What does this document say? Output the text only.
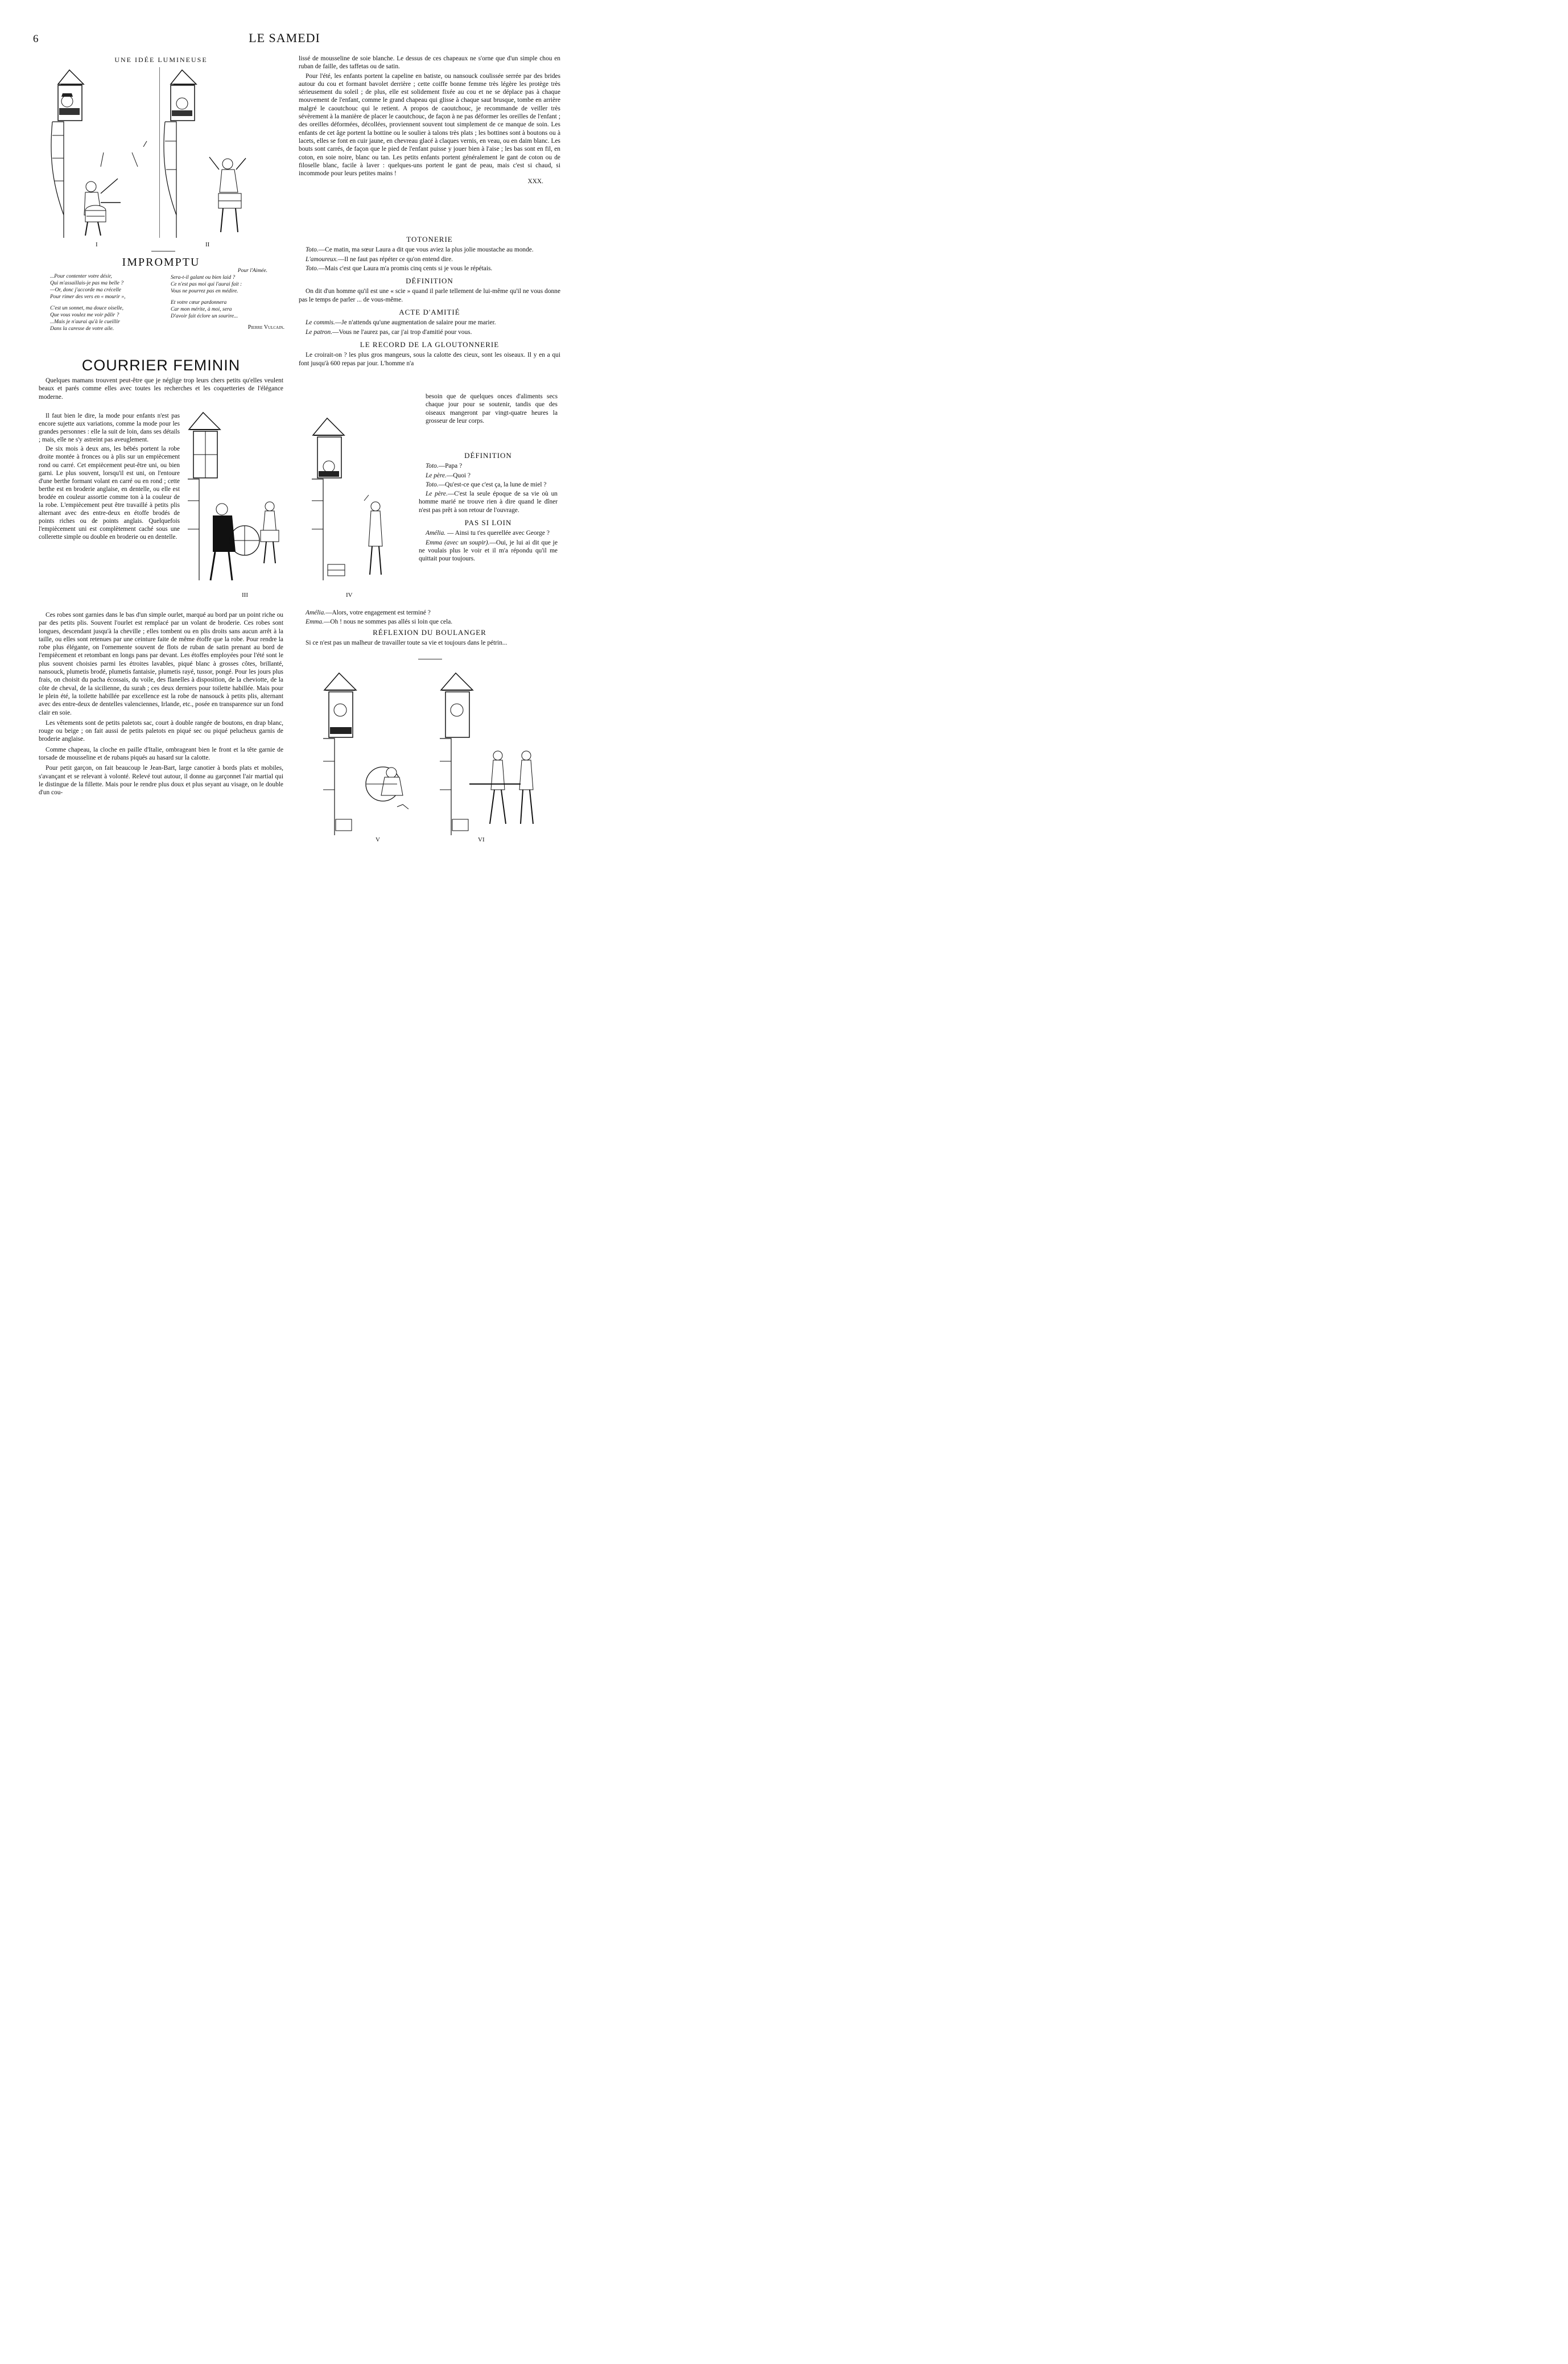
6	LE SAMEDI
UNE IDÉE LUMINEUSE
I	II
IMPROMPTU
...Pour contenter votre désir,
Qui m'assaillais-je pas ma belle ?
—Or, donc j'accorde ma crécelle
Pour rimer des vers en « mourir »,
C'est un sonnet, ma douce oiselle,
Que vous voulez me voir pâlir ?
...Mais je n'aurai qu'à le cueillir
Dans la caresse de votre aile.
Pour l'Aimée.
Sera-t-il galant ou bien laid ?
Ce n'est pas moi qui l'aurai fait :
Vous ne pourrez pas en médire.
Et votre cœur pardonnera
Car mon mérite, à moi, sera
D'avoir fait éclore un sourire...
Pierre Vulcain.
COURRIER FEMININ

Quelques mamans trouvent peut-être que je néglige trop leurs chers petits qu'elles veulent beaux et parés comme elles avec toutes les recherches et les coquetteries de l'élégance moderne.

Il faut bien le dire, la mode pour enfants n'est pas encore sujette aux variations, comme la mode pour les grandes personnes : elle la suit de loin, dans ses détails ; mais, elle ne s'y astreint pas aveuglement.

De six mois à deux ans, les bébés portent la robe droite montée à fronces ou à plis sur un empiècement rond ou carré. Cet empiècement peut-être uni, ou bien garni. Le plus souvent, lorsqu'il est uni, on l'entoure d'une berthe formant volant en carré ou en rond ; cette berthe est en broderie anglaise, en dentelle, ou elle est brodée en couleur assortie comme ton à la couleur de la robe. L'empiècement peut être travaillé à petits plis alternant avec des entre-deux en étoffe brodés de points riches ou de points anglais. Quelquefois l'empiècement uni est complètement caché sous une collerette simple ou double en broderie ou en dentelle.

III

Ces robes sont garnies dans le bas d'un simple ourlet, marqué au bord par un point riche ou par des petits plis. Souvent l'ourlet est remplacé par un volant de broderie. Ces robes sont longues, descendant jusqu'à la cheville ; elles tombent ou en plis droits sans aucun arrêt à la taille, ou elles sont retenues par une ceinture faite de même étoffe que la robe. Pour rendre la robe plus élégante, on l'ornemente souvent de flots de ruban de satin prenant au bord de l'empiècement et retombant en longs pans par devant. Les étoffes employées pour l'été sont le plus souvent choisies parmi les étroites lavables, piqué blanc à grosses côtes, brillanté, nansouck, plumetis brodé, plumetis fantaisie, plumetis rayé, tussor, pongé. Pour les jours plus frais, on choisit du pacha écossais, du voile, des flanelles à disposition, de la cheviotte, de la côte de cheval, de la sicilienne, du surah ; ces deux derniers pour toilette habillée. Mais pour le plein été, la toilette habillée par excellence est la robe de nansouck à petits plis, alternant avec des entre-deux de dentelles valenciennes, Irlande, etc., posée en transparence sur un fond clair en soie.

Les vêtements sont de petits paletots sac, court à double rangée de boutons, en drap blanc, rouge ou beige ; on fait aussi de petits paletots en piqué sec ou piqué pelucheux garnis de broderie anglaise.

Comme chapeau, la cloche en paille d'Italie, ombrageant bien le front et la tête garnie de torsade de mousseline et de rubans piqués au hasard sur la calotte.

Pour petit garçon, on fait beaucoup le Jean-Bart, large canotier à bords plats et mobiles, s'avançant et se relevant à volonté. Relevé tout autour, il donne au garçonnet l'air martial qui le distingue de la fillette. Mais pour le rendre plus doux et plus seyant au visage, on le double d'un cou-

lissé de mousseline de soie blanche. Le dessus de ces chapeaux ne s'orne que d'un simple chou en ruban de faille, des taffetas ou de satin.

Pour l'été, les enfants portent la capeline en batiste, ou nansouck coulissée serrée par des brides autour du cou et formant bavolet derrière ; cette coiffe bonne femme très légère les protège très sérieusement du soleil ; de plus, elle est solidement fixée au cou et ne se déplace pas à chaque mouvement de l'enfant, comme le grand chapeau qui glisse à chaque saut brusque, tombe en arrière malgré le caoutchouc qui le retient. A propos de caoutchouc, je recommande de veiller très sévèrement à la manière de placer le caoutchouc, de façon à ne pas déformer les oreilles de l'enfant ; des oreilles déformées, décollées, proviennent souvent tout simplement de ce manque de soin. Les enfants de cet âge portent la bottine ou le soulier à talons très plats ; les bottines sont à boutons ou à lacets, elles se font en cuir jaune, en chevreau glacé à claques vernis, en veau, ou en daim blanc. Les bouts sont carrés, de façon que le pied de l'enfant puisse y jouer bien à l'aise ; les bas sont en fil, en coton, en soie noire, blanc ou tan. Les petits enfants portent généralement le gant de coton ou de filoselle blanc, facile à laver : quelques-uns portent le gant de peau, mais c'est si chaud, si incommode pour leurs petites mains !

XXX.
TOTONERIE

Toto.—Ce matin, ma sœur Laura a dit que vous aviez la plus jolie moustache au monde.

L'amoureux.—Il ne faut pas répéter ce qu'on entend dire.

Toto.—Mais c'est que Laura m'a promis cinq cents si je vous le répétais.

DÉFINITION

On dit d'un homme qu'il est une « scie » quand il parle tellement de lui-même qu'il ne vous donne pas le temps de parler ... de vous-même.

ACTE D'AMITIÉ

Le commis.—Je n'attends qu'une augmentation de salaire pour me marier.

Le patron.—Vous ne l'aurez pas, car j'ai trop d'amitié pour vous.

LE RECORD DE LA GLOUTONNERIE

Le croirait-on ? les plus gros mangeurs, sous la calotte des cieux, sont les oiseaux. Il y en a qui font jusqu'à 600 repas par jour. L'homme n'a

besoin que de quelques onces d'aliments secs chaque jour pour se soutenir, tandis que des oiseaux mangeront par vingt-quatre heures la grosseur de leur corps.

IV
DÉFINITION

Toto.—Papa ?

Le père.—Quoi ?

Toto.—Qu'est-ce que c'est ça, la lune de miel ?

Le père.—C'est la seule époque de sa vie où un homme marié ne trouve rien à dire quand le dîner n'est pas prêt à son retour de l'ouvrage.

PAS SI LOIN

Amélia. — Ainsi tu t'es querellée avec George ?

Emma (avec un soupir).—Oui, je lui ai dit que je ne voulais plus le voir et il m'a répondu qu'il me quittait pour toujours.

Amélia.—Alors, votre engagement est terminé ?

Emma.—Oh ! nous ne sommes pas allés si loin que cela.

RÉFLEXION DU BOULANGER

Si ce n'est pas un malheur de travailler toute sa vie et toujours dans le pétrin...

V	VI
